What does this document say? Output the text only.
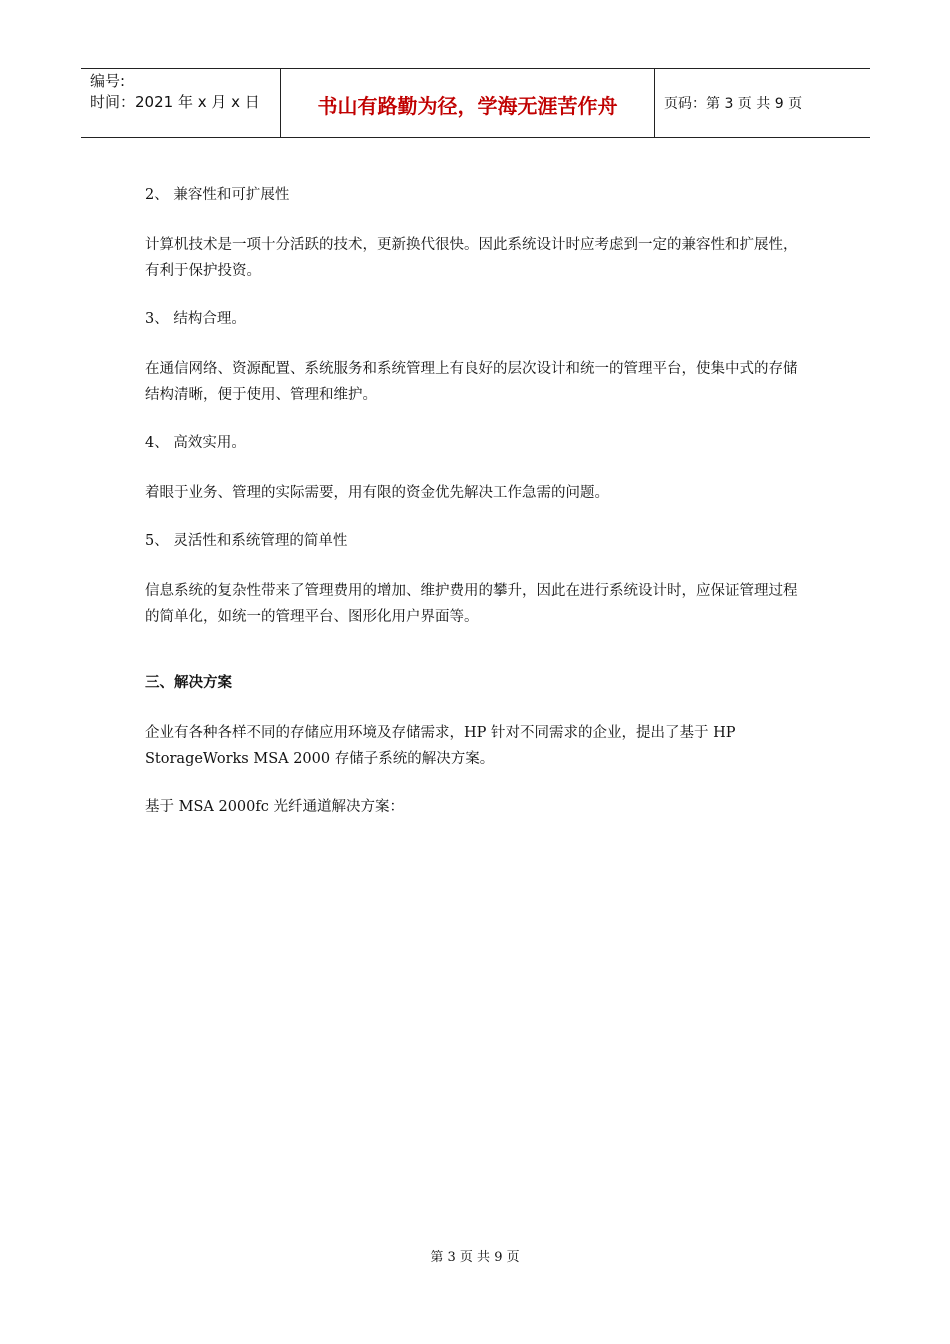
编号:
时间：2021 年 x 月 x 日	书山有路勤为径，学海无涯苦作舟	页码：第 3 页 共 9 页

2、 兼容性和可扩展性

计算机技术是一项十分活跃的技术，更新换代很快。因此系统设计时应考虑到一定的兼容性和扩展性，有利于保护投资。

3、 结构合理。

在通信网络、资源配置、系统服务和系统管理上有良好的层次设计和统一的管理平台，使集中式的存储结构清晰，便于使用、管理和维护。

4、 高效实用。

着眼于业务、管理的实际需要，用有限的资金优先解决工作急需的问题。

5、 灵活性和系统管理的简单性

信息系统的复杂性带来了管理费用的增加、维护费用的攀升，因此在进行系统设计时，应保证管理过程的简单化，如统一的管理平台、图形化用户界面等。

三、解决方案

企业有各种各样不同的存储应用环境及存储需求，HP 针对不同需求的企业，提出了基于 HP StorageWorks MSA 2000 存储子系统的解决方案。

基于 MSA 2000fc 光纤通道解决方案：

第 3 页 共 9 页
